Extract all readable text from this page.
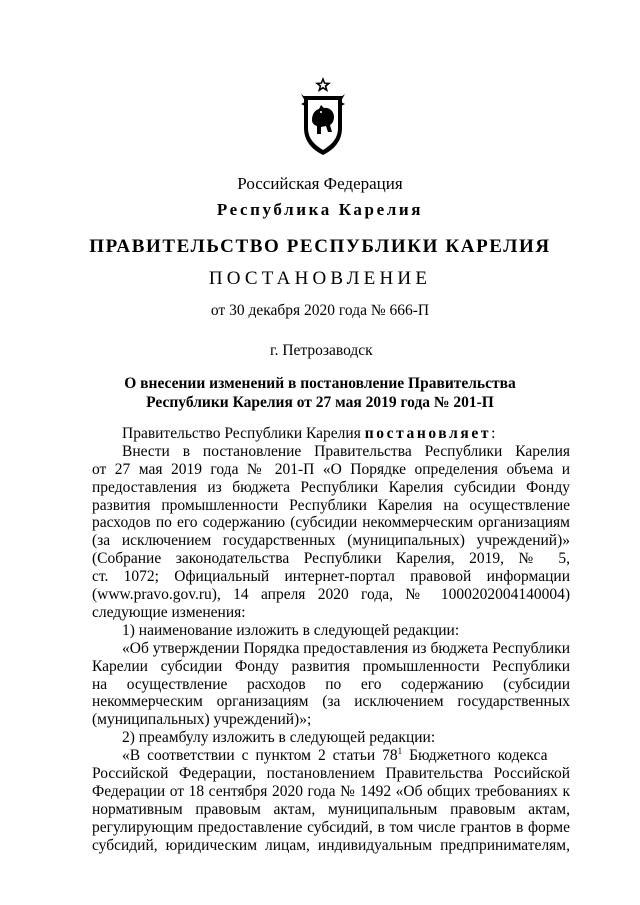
Российская Федерация
Республика Карелия
ПРАВИТЕЛЬСТВО РЕСПУБЛИКИ КАРЕЛИЯ
ПОСТАНОВЛЕНИЕ
от 30 декабря 2020 года № 666-П
г. Петрозаводск
О внесении изменений в постановление Правительства
Республики Карелия от 27 мая 2019 года № 201-П
Правительство Республики Карелия постановляет:
Внести в постановление Правительства Республики Карелия
от 27 мая 2019 года № 201-П «О Порядке определения объема и
предоставления из бюджета Республики Карелия субсидии Фонду
развития промышленности Республики Карелия на осуществление
расходов по его содержанию (субсидии некоммерческим организациям
(за исключением государственных (муниципальных) учреждений)»
(Собрание законодательства Республики Карелия, 2019, № 5,
ст. 1072; Официальный интернет-портал правовой информации
(www.pravo.gov.ru), 14 апреля 2020 года, № 1000202004140004)
следующие изменения:
1) наименование изложить в следующей редакции:
«Об утверждении Порядка предоставления из бюджета Республики
Карелии субсидии Фонду развития промышленности Республики
на осуществление расходов по его содержанию (субсидии
некоммерческим организациям (за исключением государственных
(муниципальных) учреждений)»;
2) преамбулу изложить в следующей редакции:
«В соответствии с пунктом 2 статьи $78^1$ Бюджетного кодекса
Российской Федерации, постановлением Правительства Российской
Федерации от 18 сентября 2020 года № 1492 «Об общих требованиях к
нормативным правовым актам, муниципальным правовым актам,
регулирующим предоставление субсидий, в том числе грантов в форме
субсидий, юридическим лицам, индивидуальным предпринимателям,
